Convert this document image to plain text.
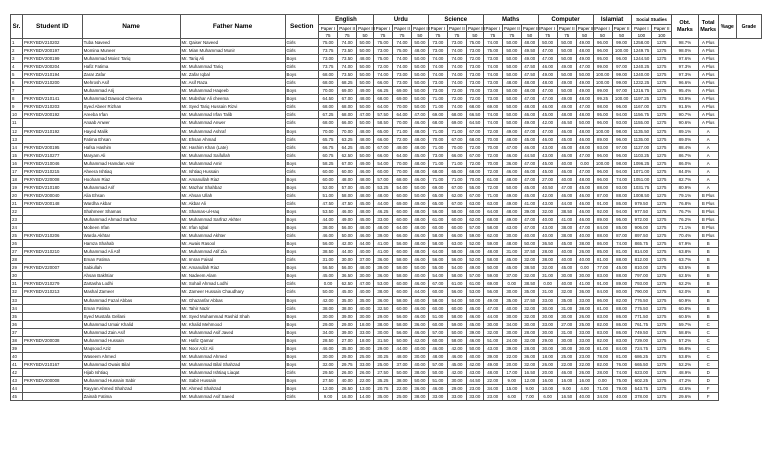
Sr.	Student ID	Name	Father Name	Section	English			Urdu			Science			Maths			Computer			Islamiat		Social Studies		Obt. Marks	Total Marks	%age	Grade
					Paper I	Paper II	Paper III	Paper I	Paper II	Paper III	Paper I	Paper II	Paper III	Paper I	Paper II	Paper III	Paper I	Paper II	Paper III	Paper I	Paper II	Paper I	Paper II				
					75	75	50	75	75	50	75	75	50	75	75	50	75	75	50	50	50	100	100				
1	PKRYBDV210202	Tuba Naveed	Mr. Qaiser Naveed	Girls	75.00	74.00	50.00	75.00	74.00	50.00	73.00	73.00	75.00	74.00	50.00	48.00	50.00	50.00	49.00	96.00	99.00	1258.00	1275	98.7%	A Plus		
2	PKRYBDV200197	Momina Muneer	Mr. Mian Muhammad Munir	Girls	73.75	73.50	50.00	73.00	75.00	48.00	73.00	74.00	73.00	75.00	50.00	49.50	47.00	50.00	48.00	96.00	100.00	1249.75	1275	98.0%	A Plus		
3	PKRYBDV200199	Muhammad Moiez Tariq	Mr. Tariq Ali	Boys	73.00	73.50	48.00	75.00	74.00	50.00	74.00	74.00	72.00	73.00	50.00	49.00	47.00	50.00	49.00	95.00	96.00	1244.50	1275	97.6%	A Plus		
4	PKRYBDV200204	Hafiz Fatima	Mr. Muhammad Tariq	Girls	73.75	74.00	50.00	72.00	74.00	50.00	74.00	74.00	73.00	74.00	50.00	47.50	46.00	49.00	47.00	99.00	97.00	1240.25	1275	97.3%	A Plus		
5	PKRYBDV210194	Zarar Zafar	Mr. Zafar Iqbal	Boys	68.00	73.50	50.00	74.00	73.00	50.00	74.00	74.00	73.00	74.00	50.00	47.50	49.00	50.00	50.00	100.00	99.00	1240.00	1275	97.3%	A Plus		
6	PKRYBDV210200	Mehrosh Asif	Mr. Asif Raza	Girls	68.00	68.25	50.00	66.00	73.00	50.00	73.00	74.00	73.00	73.00	48.00	48.00	48.00	49.00	49.00	100.00	99.00	1232.25	1275	96.6%	A Plus		
7		Muhammad Arij	Mr. Muhammad Haqeeb	Boys	70.00	69.00	49.00	66.25	69.00	50.00	73.00	72.00	70.00	73.00	50.00	48.00	47.00	50.00	49.00	99.00	97.00	1216.75	1275	95.4%	A Plus		
8	PKRYBDV210141	Muhammad Dawood Cheema	Mr. Mubshar Ali cheema	Boys	64.50	67.00	48.00	68.00	69.00	50.00	71.00	72.00	72.00	73.00	50.00	47.00	47.00	49.00	48.00	99.25	100.00	1197.25	1275	93.9%	A Plus		
9	PKRYBDV210203	Syed Abeer Rizhan	Mr. Syed Tariq Hussain Rizvi	Girls	68.00	68.00	50.00	64.00	70.00	50.00	71.00	74.00	68.00	69.00	50.00	48.00	46.00	49.00	47.00	98.00	96.00	1167.00	1275	91.5%	A Plus		
10	PKRYBDV200192	Areeba Irfan	Mr. Muhammad Irfan Talib	Girls	67.25	68.00	47.00	57.50	64.00	47.00	69.00	68.00	66.50	74.00	50.00	46.00	45.00	48.00	48.00	95.00	94.00	1156.75	1275	90.7%	A Plus		
11		Anaab Anwer	Mr. Muhammad Anwer	Girls	68.00	66.00	50.00	58.50	70.00	46.00	68.00	69.00	64.50	74.00	50.00	49.00	42.00	46.50	50.00	96.00	93.00	1155.00	1275	90.6%	A Plus		
12	PKRYBDV210192	Hayed Malik	Mr. Muhammad Ashraf	Boys	70.00	70.00	48.00	65.00	71.00	48.00	71.00	71.00	67.00	72.00	49.00	47.00	47.00	46.00	48.00	100.00	98.00	1135.50	1275	89.1%	A		
13		Fatima Ehsan	Mr. Ehsan Ahmad	Girls	65.75	63.25	48.00	66.00	72.00	48.00	70.00	67.00	68.00	70.00	48.00	45.00	46.00	45.00	46.00	89.00	96.00	1135.00	1275	89.0%	A		
14	PKRYBDV200195	Hafsa Hashim	Mr. Hashim Khan (Late)	Girls	66.75	64.25	45.00	67.00	48.00	48.00	71.00	70.00	72.00	70.00	47.00	46.00	43.00	45.00	48.00	93.00	97.00	1127.00	1275	88.4%	A		
15	PKRYBDV210277	Maryam Ali	Mr. Muhammad Saifullah	Girls	60.75	62.50	50.00	66.00	64.00	45.00	73.00	66.00	67.00	72.00	46.00	44.50	43.00	46.00	47.00	96.00	96.00	1103.25	1275	86.7%	A		
16	PKRYBDV210046	Muhammad Hamdan Amir	Mr. Muhammad Amir	Boys	58.25	67.00	49.00	54.00	70.00	48.00	71.00	71.00	72.00	70.00	36.00	47.00	45.00	40.00	0.00	100.00	98.00	1096.25	1275	86.0%	A		
17	PKRYBDV210215	Aheera Ishtiaq	Mr. Ishtiaq Hussain	Girls	60.00	60.00	46.00	60.00	70.00	48.00	68.00	65.00	68.00	72.00	46.00	46.00	45.00	46.00	47.00	96.00	94.00	1071.00	1275	84.0%	A		
18	PKRYBDV220008	Hooham Riaz	Mr. Amanullah Riaz	Boys	60.00	48.00	48.00	57.00	68.00	46.00	71.00	71.00	70.00	61.00	48.00	47.00	27.00	40.00	48.00	96.00	74.00	1051.00	1275	82.7%	A		
19	PKRYBDV210180	Muhammad Arif	Mr. Mazhar Shahbaz	Boys	52.00	57.00	45.00	53.25	54.00	50.00	69.00	67.00	55.00	72.00	50.00	45.00	40.50	47.00	45.00	88.00	93.00	1031.75	1275	80.9%	A		
20	PKRYBDV200040	Alia Ehsan	Mr. Ahsan Ullah	Girls	51.00	58.00	48.00	48.00	60.00	50.00	65.00	62.00	67.00	71.00	49.00	45.00	42.00	46.00	46.00	87.00	88.00	1008.50	1275	79.1%	B Plus		
21	PKRYBDV200148	Wardha Akbar	Mr. Akbar Ali	Girls	47.50	47.50	45.00	44.00	69.00	49.00	65.00	67.00	63.00	63.00	49.00	41.00	43.00	44.00	46.00	91.00	86.00	979.50	1275	76.8%	B Plus		
22		Shahmeer Shamas	Mr. Shamas-ul-Haq	Boys	53.50	46.00	48.00	46.25	60.00	48.00	56.00	58.00	60.00	64.00	48.00	39.00	32.00	38.50	46.00	92.00	94.00	977.50	1275	76.7%	B Plus		
23		Muhammad Ahmad Sarfraz	Mr. Muhammad Sarfraz Akhter	Boys	44.00	49.00	45.00	33.00	60.00	48.00	61.00	60.00	62.00	68.00	49.00	47.00	40.00	41.00	46.00	89.00	95.00	972.00	1275	76.2%	B Plus		
24		Mobeen Irfan	Mr. Irfan Iqbal	Boys	38.00	56.00	48.00	48.00	64.00	48.00	60.00	60.00	57.00	58.00	43.00	47.00	43.00	38.00	47.00	84.00	85.00	906.00	1275	71.1%	B Plus		
25	PKRYBDV210206	Warda Akhtar	Mr. Muhammad Akhter	Girls	46.00	50.00	46.00	39.00	66.00	46.00	58.00	66.00	59.00	62.00	30.00	40.00	40.00	38.00	40.00	88.00	87.00	897.50	1275	70.4%	B Plus		
26		Hamza Shahab	Mr. Awais Rasool	Boys	56.00	42.00	44.00	41.00	56.00	48.00	58.00	63.00	52.00	59.00	48.00	50.00	36.50	45.00	38.00	86.00	74.00	865.75	1275	67.9%	B		
27	PKRYBDV210210	Muhammad Ali Atif	Mr. Muhammad Atif Zia	Boys	38.50	44.00	40.00	41.00	60.00	48.00	64.00	58.00	46.00	48.00	31.00	37.50	28.00	40.00	26.00	85.00	81.00	814.00	1275	63.8%	B		
28		Eman Fatima	Mr. Imran Faisal	Girls	31.00	30.00	37.00	36.00	58.00	46.00	56.00	56.00	52.00	58.00	45.00	32.00	38.00	40.00	40.00	81.00	88.00	812.00	1275	63.7%	B		
29	PKRYBDV220007	Sabiullah	Mr. Amanullah Riaz	Boys	56.50	56.00	48.00	39.00	58.00	50.00	55.00	54.00	49.00	50.00	45.00	38.50	32.00	45.00	0.00	77.00	45.00	810.00	1275	63.5%	B		
30		Ahsan Bakhtiar	Mr. Nadeem Alam	Boys	45.00	36.50	30.00	36.00	58.00	40.00	54.00	58.00	57.00	59.00	37.00	32.00	31.00	30.00	30.00	83.00	88.00	797.00	1275	62.5%	B		
31	PKRYBDV210279	Zartasha Lodhi	Mr. Sohail Ahmad Lodhi	Girls	0.00	62.50	47.00	53.00	60.00	46.00	67.00	61.00	61.00	69.00	0.00	38.50	0.00	40.00	41.00	91.00	89.00	793.00	1275	62.2%	B		
32	PKRYBDV210213	Mashal Zameer	Mr. Zameer Hussain Chaudhary	Girls	50.00	45.00	40.00	38.00	60.00	44.00	60.00	56.00	53.00	56.00	30.00	35.00	31.00	32.00	36.00	84.00	80.00	790.00	1275	62.0%	B		
33		Muhammad Fazal Abbas	Mr. Ghazanfar Abbas	Boys	42.00	35.00	35.00	36.00	58.00	40.00	58.00	54.00	50.00	49.00	35.00	27.50	33.00	35.00	33.00	86.00	82.00	776.50	1275	60.9%	B		
34		Eman Fatima	Mr. Tahir Nazir	Girls	38.00	38.00	40.00	32.50	60.00	46.00	60.00	60.00	45.00	47.00	40.00	32.00	30.00	31.00	38.00	81.00	88.00	775.50	1275	60.8%	B		
35		Syed Mustafa Gellani	Mr. Syed Muhammad Rashid Shah	Boys	30.00	39.00	30.00	29.00	56.00	46.00	51.00	58.00	46.00	44.00	30.00	32.00	30.00	30.00	26.00	83.00	86.00	771.50	1275	60.5%	B		
36		Muhammad Umair Khalid	Mr. Khalid Mehmood	Boys	29.00	29.00	18.00	38.00	58.00	36.00	60.00	59.00	45.00	30.00	34.00	30.00	33.00	27.00	25.00	82.00	86.00	761.75	1275	59.7%	C		
37		Muhammad Zain Asif	Mr. Muhammad Asif Javed	Boys	34.00	39.00	33.00	30.00	56.00	46.00	57.00	50.00	39.00	32.00	30.00	28.00	30.00	31.00	33.00	83.00	86.00	749.50	1275	58.8%	C		
38	PKRYBDV200038	Muhammad Hussain	Mr. Hafiz Qamar	Boys	28.50	27.00	18.00	31.50	50.00	42.00	60.00	58.00	46.00	51.00	24.00	32.00	29.00	30.00	33.00	82.00	83.00	729.00	1275	57.2%	C		
39		Maqsood Aziz	Mr. Noor Aziz Ali	Boys	46.00	35.00	30.00	29.00	44.00	40.00	46.00	42.00	50.00	43.00	39.00	28.00	30.00	30.00	30.00	81.00	84.00	724.75	1275	56.8%	C		
40		Waseem Ahmed	Mr. Muhammad Ahmed	Boys	30.00	29.00	25.00	30.25	48.00	30.00	48.00	46.00	40.00	39.00	22.00	36.00	18.00	25.00	23.00	78.00	81.00	686.25	1275	53.8%	C		
41	PKRYBDV210167	Muhammad Owais Bilal	Mr. Muhammad Bilal Shahzad	Boys	32.00	29.75	33.00	25.00	37.00	40.00	57.00	45.00	42.00	49.00	20.00	32.00	26.00	22.00	22.00	82.00	76.00	665.50	1275	52.2%	C		
42		Hijab Ishtiaq	Mr. Muhammad Ishtiaq Liaqat	Girls	29.50	26.00	26.00	27.50	50.00	38.00	50.00	42.00	43.00	48.00	17.00	16.50	20.00	46.00	26.00	28.00	74.00	623.00	1275	48.9%	D		
43	PKRYBDV200008	Muhammad Husnain Sabir	Mr. Sabir Hussain	Boys	27.50	40.00	22.00	35.25	38.00	50.00	51.00	30.00	44.50	22.00	9.00	12.00	16.00	16.00	16.00	0.00	75.00	602.25	1275	47.2%	D		
44		Rayyan Ahmed Shahzad	Mr. Ahmed Shahzad	Boys	12.00	26.50	13.00	20.75	22.00	36.00	46.00	29.00	23.00	34.00	15.00	9.00	10.00	9.00	4.00	71.00	79.00	543.75	1275	42.6%	F		
45		Zainab Fatima	Mr. Muhammad Asif Saeed	Girls	9.00	16.00	14.00	35.00	25.00	38.00	33.00	33.00	33.00	23.00	6.00	7.00	6.00	16.50	40.00	34.00	40.00	378.00	1275	29.6%	F		
